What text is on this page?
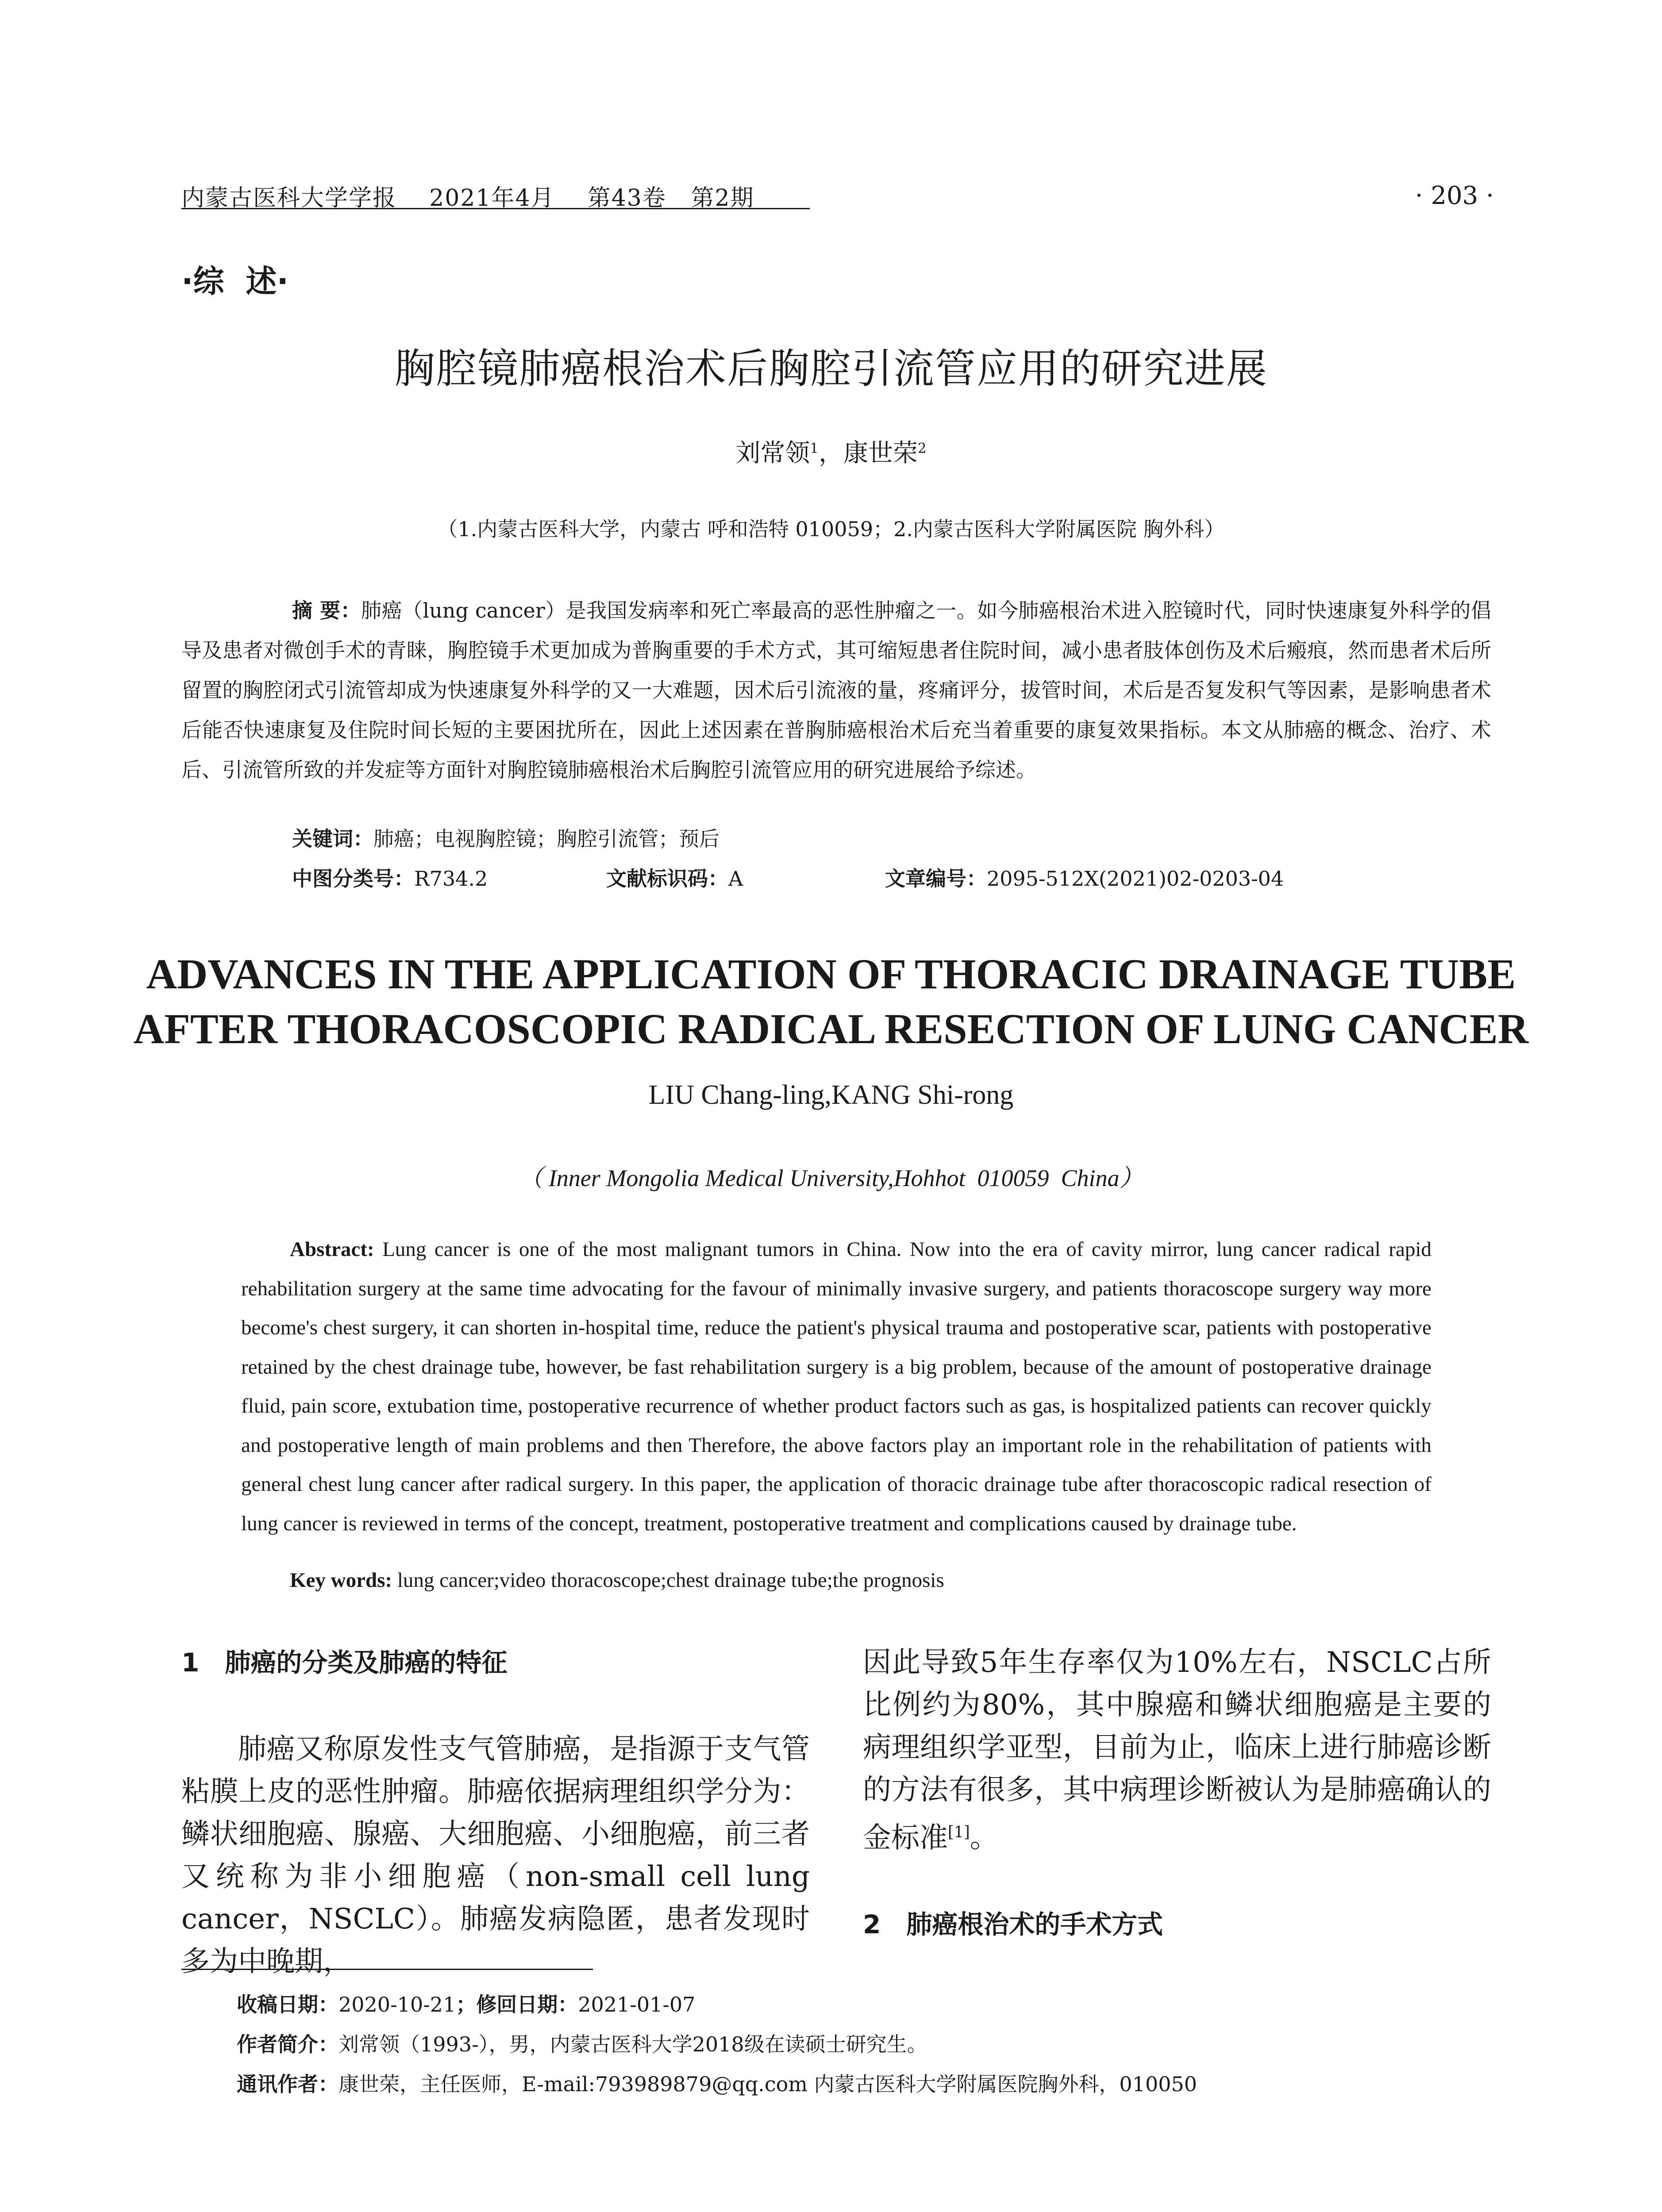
内蒙古医科大学学报 2021年4月 第43卷 第2期	· 203 ·
·综  述·
胸腔镜肺癌根治术后胸腔引流管应用的研究进展
刘常领$^1$，康世荣$^2$
（1.内蒙古医科大学，内蒙古 呼和浩特 010059；2.内蒙古医科大学附属医院 胸外科）
摘 要：肺癌（lung cancer）是我国发病率和死亡率最高的恶性肿瘤之一。如今肺癌根治术进入腔镜时代，同时快速康复外科学的倡导及患者对微创手术的青睐，胸腔镜手术更加成为普胸重要的手术方式，其可缩短患者住院时间，减小患者肢体创伤及术后瘢痕，然而患者术后所留置的胸腔闭式引流管却成为快速康复外科学的又一大难题，因术后引流液的量，疼痛评分，拔管时间，术后是否复发积气等因素，是影响患者术后能否快速康复及住院时间长短的主要困扰所在，因此上述因素在普胸肺癌根治术后充当着重要的康复效果指标。本文从肺癌的概念、治疗、术后、引流管所致的并发症等方面针对胸腔镜肺癌根治术后胸腔引流管应用的研究进展给予综述。
关键词：肺癌；电视胸腔镜；胸腔引流管；预后
中图分类号：R734.2	文献标识码：A	文章编号：2095-512X(2021)02-0203-04
ADVANCES IN THE APPLICATION OF THORACIC DRAINAGE TUBE
AFTER THORACOSCOPIC RADICAL RESECTION OF LUNG CANCER
LIU Chang-ling,KANG Shi-rong
（ Inner Mongolia Medical University,Hohhot  010059  China）
Abstract: Lung cancer is one of the most malignant tumors in China. Now into the era of cavity mirror, lung cancer radical rapid rehabilitation surgery at the same time advocating for the favour of minimally invasive surgery, and patients thoracoscope surgery way more become's chest surgery, it can shorten in-hospital time, reduce the patient's physical trauma and postoperative scar, patients with postoperative retained by the chest drainage tube, however, be fast rehabilitation surgery is a big problem, because of the amount of postoperative drainage fluid, pain score, extubation time, postoperative recurrence of whether product factors such as gas, is hospitalized patients can recover quickly and postoperative length of main problems and then Therefore, the above factors play an important role in the rehabilitation of patients with general chest lung cancer after radical surgery. In this paper, the application of thoracic drainage tube after thoracoscopic radical resection of lung cancer is reviewed in terms of the concept, treatment, postoperative treatment and complications caused by drainage tube.
Key words: lung cancer;video thoracoscope;chest drainage tube;the prognosis
1　肺癌的分类及肺癌的特征
肺癌又称原发性支气管肺癌，是指源于支气管粘膜上皮的恶性肿瘤。肺癌依据病理组织学分为：鳞状细胞癌、腺癌、大细胞癌、小细胞癌，前三者又统称为非小细胞癌（non-small cell lung cancer，NSCLC）。肺癌发病隐匿，患者发现时多为中晚期，
因此导致5年生存率仅为10%左右，NSCLC占所比例约为80%，其中腺癌和鳞状细胞癌是主要的病理组织学亚型，目前为止，临床上进行肺癌诊断的方法有很多，其中病理诊断被认为是肺癌确认的金标准[1]。
2　肺癌根治术的手术方式
收稿日期：2020-10-21；修回日期：2021-01-07
作者简介：刘常领（1993-），男，内蒙古医科大学2018级在读硕士研究生。
通讯作者：康世荣，主任医师，E-mail:793989879@qq.com 内蒙古医科大学附属医院胸外科，010050
